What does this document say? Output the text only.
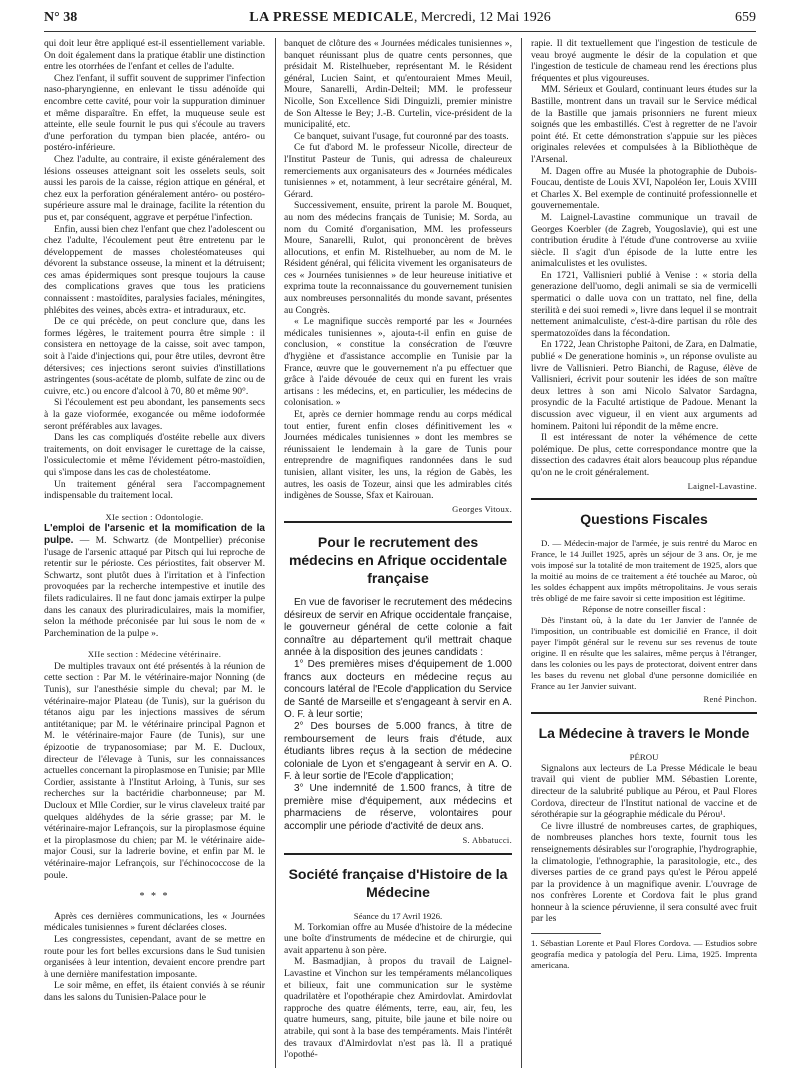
N° 38	LA PRESSE MEDICALE, Mercredi, 12 Mai 1926	659

qui doit leur être appliqué est-il essentiellement variable. On doit également dans la pratique établir une distinction entre les otorrhées de l'enfant et celles de l'adulte.

Chez l'enfant, il suffit souvent de supprimer l'infection naso-pharyngienne, en enlevant le tissu adénoïde qui encombre cette cavité, pour voir la suppuration diminuer et même disparaître. En effet, la muqueuse seule est atteinte, elle seule fournit le pus qui s'écoule au travers d'une perforation du tympan bien placée, antéro- ou postéro-inférieure.

Chez l'adulte, au contraire, il existe généralement des lésions osseuses atteignant soit les osselets seuls, soit aussi les parois de la caisse, région attique en général, et chez eux la perforation généralement antéro- ou postéro-supérieure assure mal le drainage, facilite la rétention du pus et, par conséquent, aggrave et perpétue l'infection.

Enfin, aussi bien chez l'enfant que chez l'adolescent ou chez l'adulte, l'écoulement peut être entretenu par le développement de masses cholestéomateuses qui dévorent la substance osseuse, la minent et la détruisent; ces amas épidermiques sont presque toujours la cause des complications graves que tous les praticiens connaissent : mastoïdites, paralysies faciales, méningites, phlébites des veines, abcès extra- et intraduraux, etc.

De ce qui précède, on peut conclure que, dans les formes légères, le traitement pourra être simple : il consistera en nettoyage de la caisse, soit avec tampon, soit à l'aide d'injections qui, pour être utiles, devront être détersives; ces injections seront suivies d'instillations astringentes (sous-acétate de plomb, sulfate de zinc ou de cuivre, etc.) ou encore d'alcool à 70, 80 et même 90°.

Si l'écoulement est peu abondant, les pansements secs à la gaze vioformée, exogancée ou même iodoformée seront préférables aux lavages.

Dans les cas compliqués d'ostéite rebelle aux divers traitements, on doit envisager le curettage de la caisse, l'ossiculectomie et même l'évidement pétro-mastoïdien, qui s'impose dans les cas de cholestéatome.

Un traitement général sera l'accompagnement indispensable du traitement local.

XIe section : Odontologie.

L'emploi de l'arsenic et la momification de la pulpe. — M. Schwartz (de Montpellier) préconise l'usage de l'arsenic attaqué par Pitsch qui lui reproche de retentir sur le périoste. Ces périostites, fait observer M. Schwartz, sont plutôt dues à l'irritation et à l'infection provoquées par la recherche intempestive et inutile des filets radiculaires. Il ne faut donc jamais extirper la pulpe dans les canaux des pluriradiculaires, mais la momifier, selon la méthode préconisée par lui sous le nom de « Parchemination de la pulpe ».

XIIe section : Médecine vétérinaire.

De multiples travaux ont été présentés à la réunion de cette section : Par M. le vétérinaire-major Nonning (de Tunis), sur l'anesthésie simple du cheval; par M. le vétérinaire-major Plateau (de Tunis), sur la guérison du tétanos aigu par les injections massives de sérum antitétanique; par M. le vétérinaire principal Pagnon et M. le vétérinaire-major Faure (de Tunis), sur une épizootie de trypanosomiase; par M. E. Ducloux, directeur de l'élevage à Tunis, sur les connaissances actuelles concernant la piroplasmose en Tunisie; par Mlle Cordier, assistante à l'Institut Arloing, à Tunis, sur ses recherches sur la bactéridie charbonneuse; par M. Ducloux et Mlle Cordier, sur le virus claveleux traité par quelques aldéhydes de la série grasse; par M. le vétérinaire-major Lefrançois, sur la piroplasmose équine et la piroplasmose du chien; par M. le vétérinaire aide-major Cousi, sur la ladrerie bovine, et enfin par M. le vétérinaire-major Lefrançois, sur l'échinococcose de la poule.

* * *

Après ces dernières communications, les « Journées médicales tunisiennes » furent déclarées closes.

Les congressistes, cependant, avant de se mettre en route pour les fort belles excursions dans le Sud tunisien organisées à leur intention, devaient encore prendre part à une dernière manifestation imposante.

Le soir même, en effet, ils étaient conviés à se réunir dans les salons du Tunisien-Palace pour le

banquet de clôture des « Journées médicales tunisiennes », banquet réunissant plus de quatre cents personnes, que présidait M. Ristelhueber, représentant M. le Résident général, Lucien Saint, et qu'entouraient Mmes Meuil, Moure, Sanarelli, Ardin-Delteil; MM. le professeur Nicolle, Son Excellence Sidi Dinguizli, premier ministre de Son Altesse le Bey; J.-B. Curtelin, vice-président de la municipalité, etc.

Ce banquet, suivant l'usage, fut couronné par des toasts.

Ce fut d'abord M. le professeur Nicolle, directeur de l'Institut Pasteur de Tunis, qui adressa de chaleureux remerciements aux organisateurs des « Journées médicales tunisiennes » et, notamment, à leur secrétaire général, M. Gérard.

Successivement, ensuite, prirent la parole M. Bouquet, au nom des médecins français de Tunisie; M. Sorda, au nom du Comité d'organisation, MM. les professeurs Moure, Sanarelli, Rulot, qui prononcèrent de brèves allocutions, et enfin M. Ristelhueber, au nom de M. le Résident général, qui félicita vivement les organisateurs de ces « Journées tunisiennes » de leur heureuse initiative et exprima toute la reconnaissance du gouvernement tunisien aux nombreuses personnalités du monde savant, présentes au Congrès.

« Le magnifique succès remporté par les « Journées médicales tunisiennes », ajouta-t-il enfin en guise de conclusion, « constitue la consécration de l'œuvre d'hygiène et d'assistance accomplie en Tunisie par la France, œuvre que le gouvernement n'a pu effectuer que grâce à l'aide dévouée de ceux qui en furent les vrais artisans : les médecins, et, en particulier, les médecins de colonisation. »

Et, après ce dernier hommage rendu au corps médical tout entier, furent enfin closes définitivement les « Journées médicales tunisiennes » dont les membres se réunissaient le lendemain à la gare de Tunis pour entreprendre de magnifiques randonnées dans le sud tunisien, allant visiter, les uns, la région de Gabès, les autres, les oasis de Tozeur, ainsi que les admirables cités indigènes de Sousse, Sfax et Kairouan.

Georges Vitoux.
Pour le recrutement des médecins en Afrique occidentale française

En vue de favoriser le recrutement des médecins désireux de servir en Afrique occidentale française, le gouverneur général de cette colonie a fait connaître au département qu'il mettrait chaque année à la disposition des jeunes candidats :

1° Des premières mises d'équipement de 1.000 francs aux docteurs en médecine reçus au concours latéral de l'Ecole d'application du Service de Santé de Marseille et s'engageant à servir en A. O. F. à leur sortie;

2° Des bourses de 5.000 francs, à titre de remboursement de leurs frais d'étude, aux étudiants libres reçus à la section de médecine coloniale de Lyon et s'engageant à servir en A. O. F. à leur sortie de l'Ecole d'application;

3° Une indemnité de 1.500 francs, à titre de première mise d'équipement, aux médecins et pharmaciens de réserve, volontaires pour accomplir une période d'activité de deux ans.

S. Abbatucci.
Société française d'Histoire de la Médecine

Séance du 17 Avril 1926.

M. Torkomian offre au Musée d'histoire de la médecine une boîte d'instruments de médecine et de chirurgie, qui avait appartenu à son père.

M. Basmadjian, à propos du travail de Laignel-Lavastine et Vinchon sur les tempéraments mélancoliques et bilieux, fait une communication sur le système quadrilatère et l'opothérapie chez Amirdovlat. Amirdovlat rapproche des quatre éléments, terre, eau, air, feu, les quatre humeurs, sang, pituite, bile jaune et bile noire ou atrabile, qui sont à la base des tempéraments. Mais l'intérêt des travaux d'Almirdovlat n'est pas là. Il a pratiqué l'opothé-

rapie. Il dit textuellement que l'ingestion de testicule de veau broyé augmente le désir de la copulation et que l'ingestion de testicule de chameau rend les érections plus fréquentes et plus vigoureuses.

MM. Sérieux et Goulard, continuant leurs études sur la Bastille, montrent dans un travail sur le Service médical de la Bastille que jamais prisonniers ne furent mieux soignés que les embastillés. C'est à regretter de ne l'avoir point été. Et cette démonstration s'appuie sur les pièces originales relevées et compulsées à la Bibliothèque de l'Arsenal.

M. Dagen offre au Musée la photographie de Dubois-Foucau, dentiste de Louis XVI, Napoléon Ier, Louis XVIII et Charles X. Bel exemple de continuité professionnelle et gouvernementale.

M. Laignel-Lavastine communique un travail de Georges Koerbler (de Zagreb, Yougoslavie), qui est une contribution érudite à l'étude d'une controverse au xviiie siècle. Il s'agit d'un épisode de la lutte entre les animalculistes et les ovulistes.

En 1721, Vallisnieri publié à Venise : « storia della generazione dell'uomo, degli animali se sia de vermicelli spermatici o dalle uova con un trattato, nel fine, della sterilità e dei suoi remedi », livre dans lequel il se montrait nettement animalculiste, c'est-à-dire partisan du rôle des spermatozoïdes dans la fécondation.

En 1722, Jean Christophe Paitoni, de Zara, en Dalmatie, publié « De generatione hominis », un réponse ovuliste au livre de Vallisnieri. Petro Bianchi, de Raguse, élève de Vallisnieri, écrivit pour soutenir les idées de son maître deux lettres à son ami Nicolo Salvator Sardagna, prosyndic de la Faculté artistique de Padoue. Menant la discussion avec vigueur, il en vient aux arguments ad hominem. Paitoni lui répondit de la même encre.

Il est intéressant de noter la véhémence de cette polémique. De plus, cette correspondance montre que la dissection des cadavres était alors beaucoup plus répandue qu'on ne le croit généralement.

Laignel-Lavastine.
Questions Fiscales

D. — Médecin-major de l'armée, je suis rentré du Maroc en France, le 14 Juillet 1925, après un séjour de 3 ans. Or, je me vois imposé sur la totalité de mon traitement de 1925, alors que la moitié au moins de ce traitement a été touchée au Maroc, où les soldes échappent aux impôts métropolitains. Je vous serais très obligé de me faire savoir si cette imposition est légitime.

Réponse de notre conseiller fiscal :

Dès l'instant où, à la date du 1er Janvier de l'année de l'imposition, un contribuable est domicilié en France, il doit payer l'impôt général sur le revenu sur ses revenus de toute origine. Il en résulte que les salaires, même perçus à l'étranger, dans les colonies ou les pays de protectorat, doivent entrer dans les bases du revenu net global d'une personne domiciliée en France au 1er Janvier suivant.

René Pinchon.
La Médecine à travers le Monde

PÉROU

Signalons aux lecteurs de La Presse Médicale le beau travail qui vient de publier MM. Sébastien Lorente, directeur de la salubrité publique au Pérou, et Paul Flores Cordova, directeur de l'Institut national de vaccine et de sérothérapie sur la géographie médicale du Pérou¹.

Ce livre illustré de nombreuses cartes, de graphiques, de nombreuses planches hors texte, fournit tous les renseignements désirables sur l'orographie, l'hydrographie, la climatologie, l'ethnographie, la parasitologie, etc., des diverses parties de ce grand pays qu'est le Pérou appelé par la providence à un magnifique avenir. L'ouvrage de nos confrères Lorente et Cordova fait le plus grand honneur à la science péruvienne, il sera consulté avec fruit par les

1. Sébastian Lorente et Paul Flores Cordova. — Estudios sobre geografía medica y patología del Peru. Lima, 1925. Imprenta americana.
